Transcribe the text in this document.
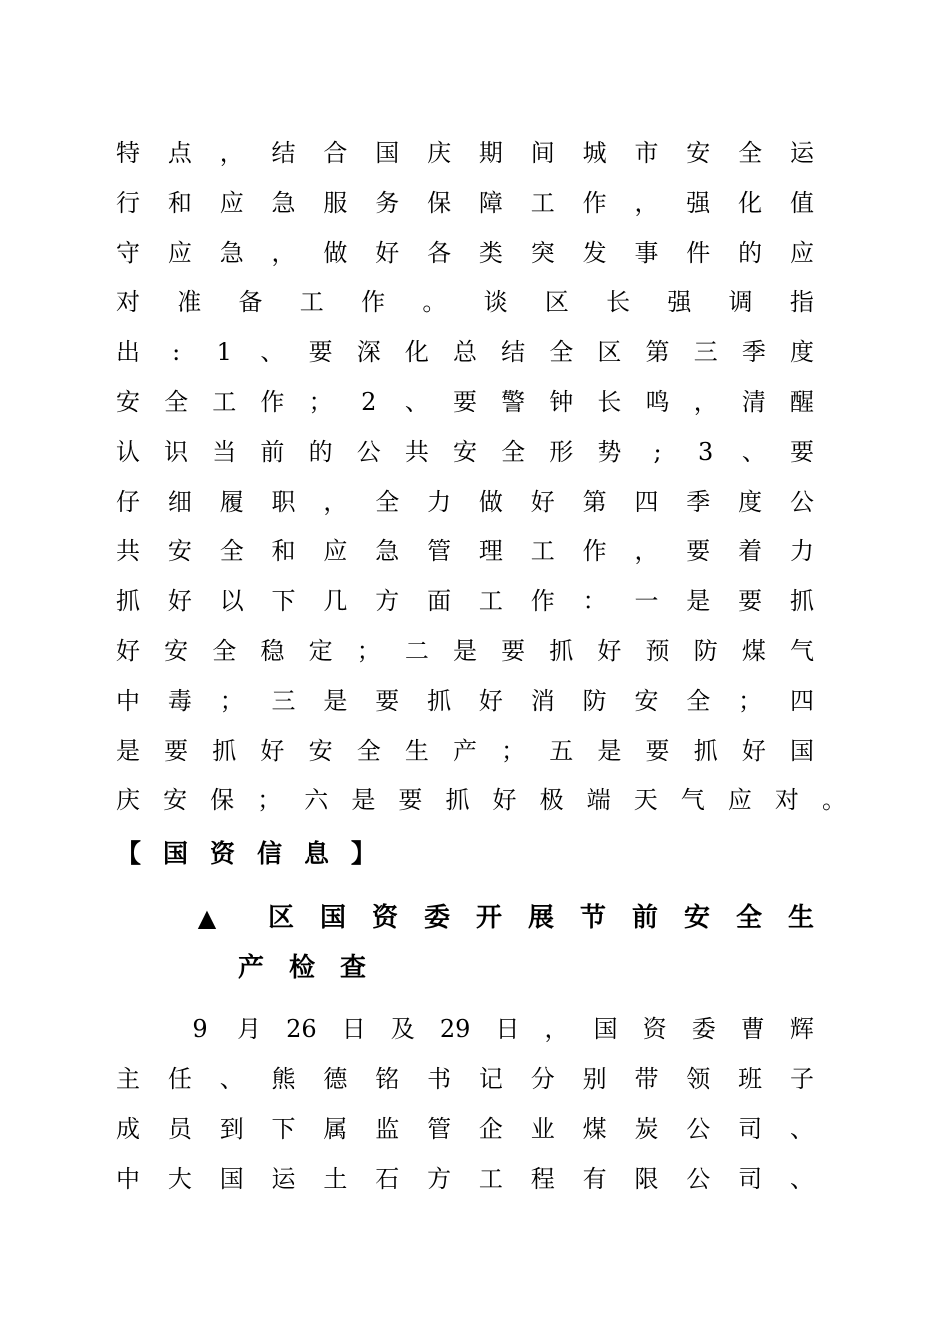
特 点 ， 结 合 国 庆 期 间 城 市 安 全 运
行 和 应 急 服 务 保 障 工 作 ， 强 化 值
守 应 急 ， 做 好 各 类 突 发 事 件 的 应
对 准 备 工 作 。 谈 区 长 强 调 指
出	:	1 、 要 深 化 总 结 全 区 第 三 季 度
安 全 工 作 ； 2 、 要 警 钟 长 鸣 ， 清 醒
认 识 当 前 的 公 共 安 全 形 势	;	3 、 要
仔 细 履 职 ， 全 力 做 好 第 四 季 度 公
共 安 全 和 应 急 管 理 工 作 ， 要 着 力
抓 好 以 下 几 方 面 工 作 ： 一 是 要 抓
好 安 全 稳 定 ； 二 是 要 抓 好 预 防 煤 气
中 毒 ； 三 是 要 抓 好 消 防 安 全 ； 四
是 要 抓 好 安 全 生 产 ； 五 是 要 抓 好 国
庆 安 保 ； 六 是 要 抓 好 极 端 天 气 应 对 。
【 国 资 信 息 】
▲ 区 国 资 委 开 展 节 前 安 全 生
产 检 查
9 月 26 日 及 29 日 ， 国 资 委 曹 辉
主 任 、 熊 德 铭 书 记 分 别 带 领 班 子
成 员 到 下 属 监 管 企 业 煤 炭 公 司 、
中 大 国 运 土 石 方 工 程 有 限 公 司 、
